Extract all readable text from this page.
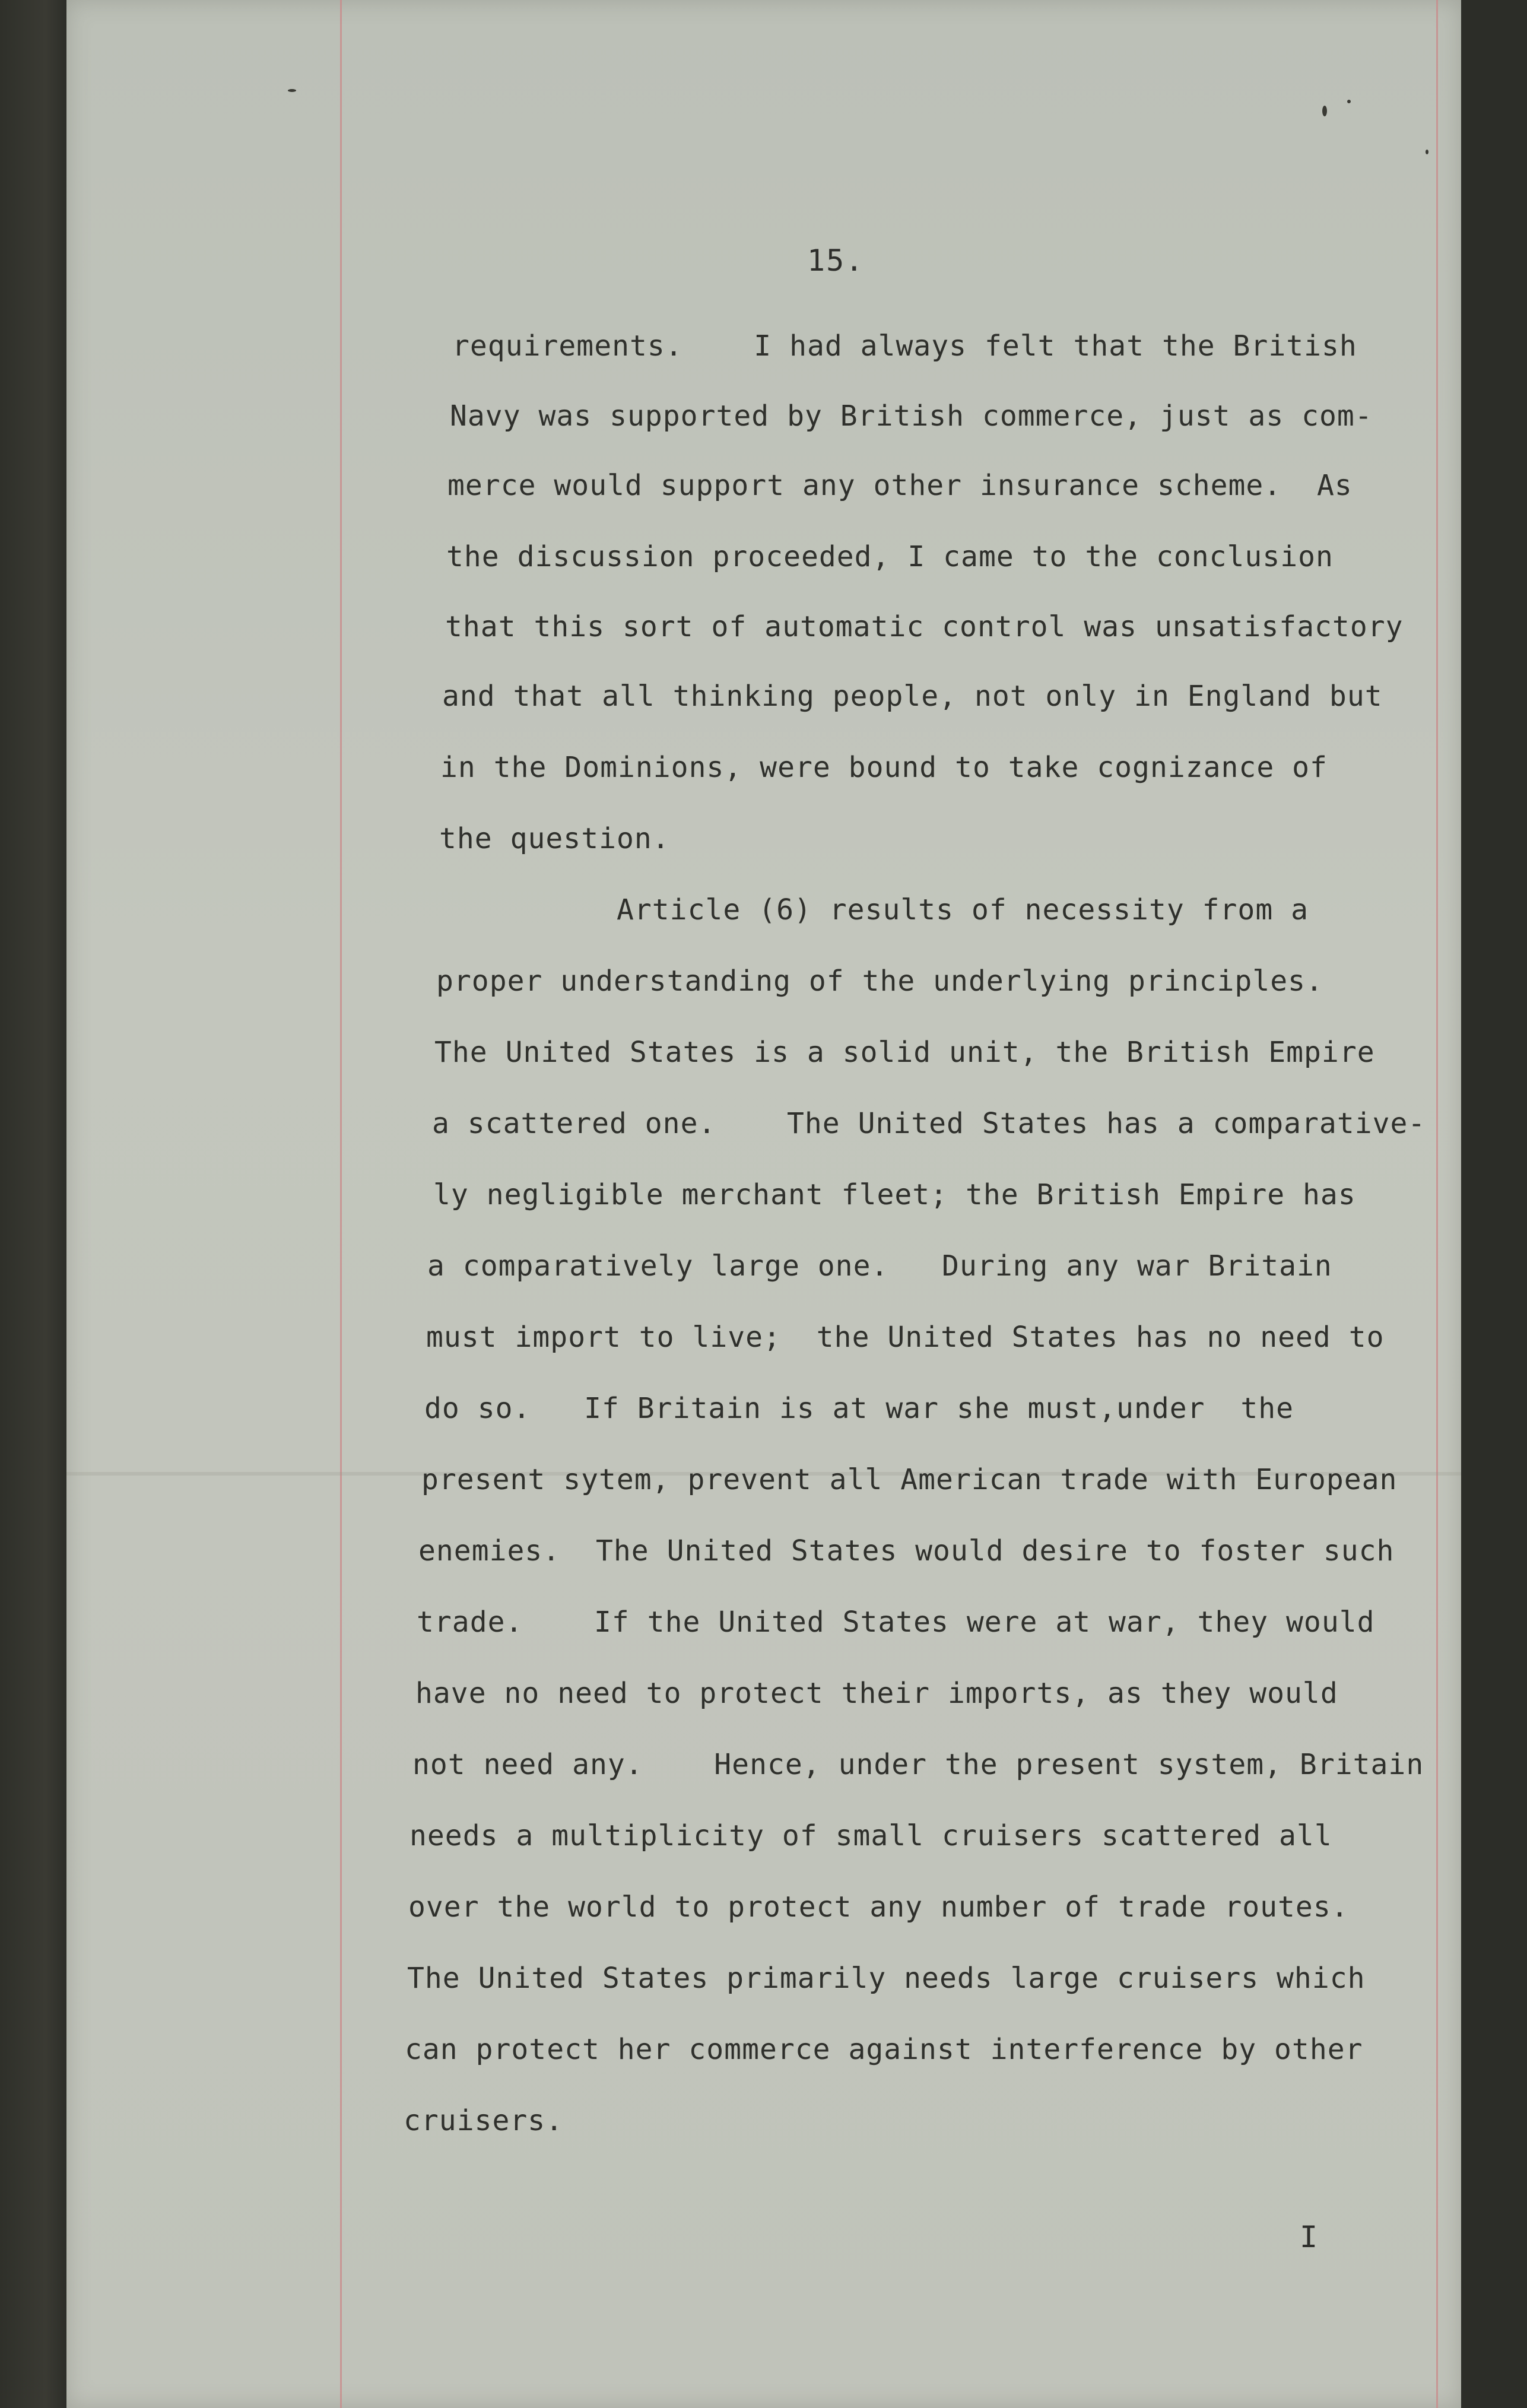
15.
requirements.    I had always felt that the British
Navy was supported by British commerce, just as com-
merce would support any other insurance scheme.  As
the discussion proceeded, I came to the conclusion
that this sort of automatic control was unsatisfactory
and that all thinking people, not only in England but
in the Dominions, were bound to take cognizance of
the question.
Article (6) results of necessity from a
proper understanding of the underlying principles.
The United States is a solid unit, the British Empire
a scattered one.    The United States has a comparative-
ly negligible merchant fleet; the British Empire has
a comparatively large one.   During any war Britain
must import to live;  the United States has no need to
do so.   If Britain is at war she must,under  the
present sytem, prevent all American trade with European
enemies.  The United States would desire to foster such
trade.    If the United States were at war, they would
have no need to protect their imports, as they would
not need any.    Hence, under the present system, Britain
needs a multiplicity of small cruisers scattered all
over the world to protect any number of trade routes.
The United States primarily needs large cruisers which
can protect her commerce against interference by other
cruisers.
I
